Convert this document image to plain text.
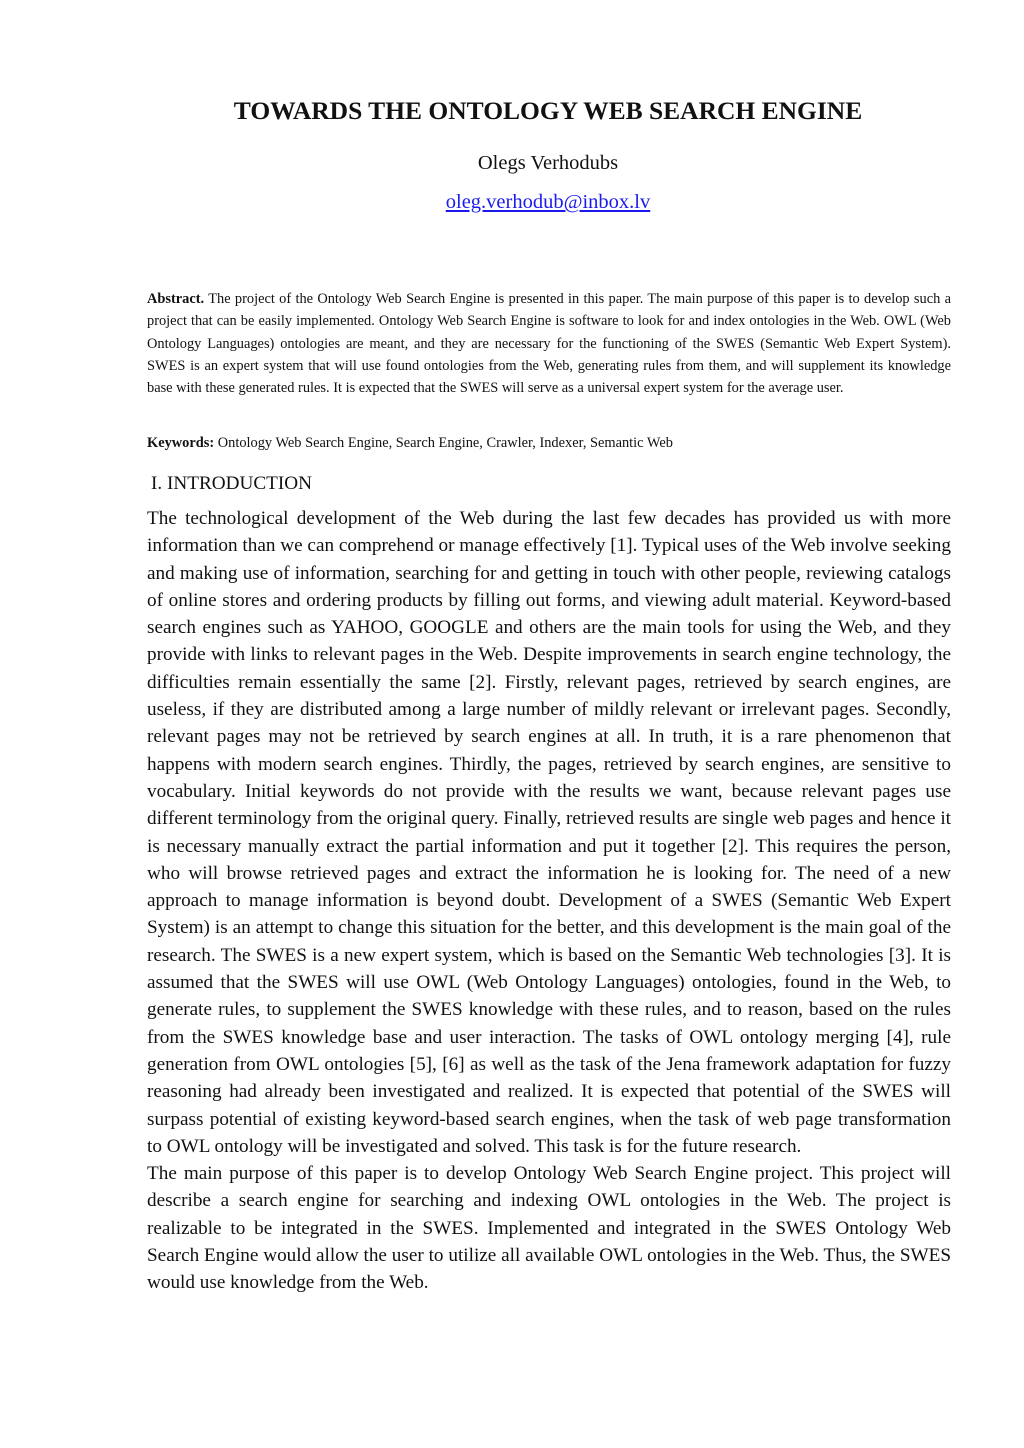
TOWARDS THE ONTOLOGY WEB SEARCH ENGINE
Olegs Verhodubs
oleg.verhodub@inbox.lv
Abstract. The project of the Ontology Web Search Engine is presented in this paper. The main purpose of this paper is to develop such a project that can be easily implemented. Ontology Web Search Engine is software to look for and index ontologies in the Web. OWL (Web Ontology Languages) ontologies are meant, and they are necessary for the functioning of the SWES (Semantic Web Expert System). SWES is an expert system that will use found ontologies from the Web, generating rules from them, and will supplement its knowledge base with these generated rules. It is expected that the SWES will serve as a universal expert system for the average user.
Keywords: Ontology Web Search Engine, Search Engine, Crawler, Indexer, Semantic Web
I. INTRODUCTION

The technological development of the Web during the last few decades has provided us with more information than we can comprehend or manage effectively [1]. Typical uses of the Web involve seeking and making use of information, searching for and getting in touch with other people, reviewing catalogs of online stores and ordering products by filling out forms, and viewing adult material. Keyword-based search engines such as YAHOO, GOOGLE and others are the main tools for using the Web, and they provide with links to relevant pages in the Web. Despite improvements in search engine technology, the difficulties remain essentially the same [2]. Firstly, relevant pages, retrieved by search engines, are useless, if they are distributed among a large number of mildly relevant or irrelevant pages. Secondly, relevant pages may not be retrieved by search engines at all. In truth, it is a rare phenomenon that happens with modern search engines. Thirdly, the pages, retrieved by search engines, are sensitive to vocabulary. Initial keywords do not provide with the results we want, because relevant pages use different terminology from the original query. Finally, retrieved results are single web pages and hence it is necessary manually extract the partial information and put it together [2]. This requires the person, who will browse retrieved pages and extract the information he is looking for. The need of a new approach to manage information is beyond doubt. Development of a SWES (Semantic Web Expert System) is an attempt to change this situation for the better, and this development is the main goal of the research. The SWES is a new expert system, which is based on the Semantic Web technologies [3]. It is assumed that the SWES will use OWL (Web Ontology Languages) ontologies, found in the Web, to generate rules, to supplement the SWES knowledge with these rules, and to reason, based on the rules from the SWES knowledge base and user interaction. The tasks of OWL ontology merging [4], rule generation from OWL ontologies [5], [6] as well as the task of the Jena framework adaptation for fuzzy reasoning had already been investigated and realized. It is expected that potential of the SWES will surpass potential of existing keyword-based search engines, when the task of web page transformation to OWL ontology will be investigated and solved. This task is for the future research.

The main purpose of this paper is to develop Ontology Web Search Engine project. This project will describe a search engine for searching and indexing OWL ontologies in the Web. The project is realizable to be integrated in the SWES. Implemented and integrated in the SWES Ontology Web Search Engine would allow the user to utilize all available OWL ontologies in the Web. Thus, the SWES would use knowledge from the Web.
